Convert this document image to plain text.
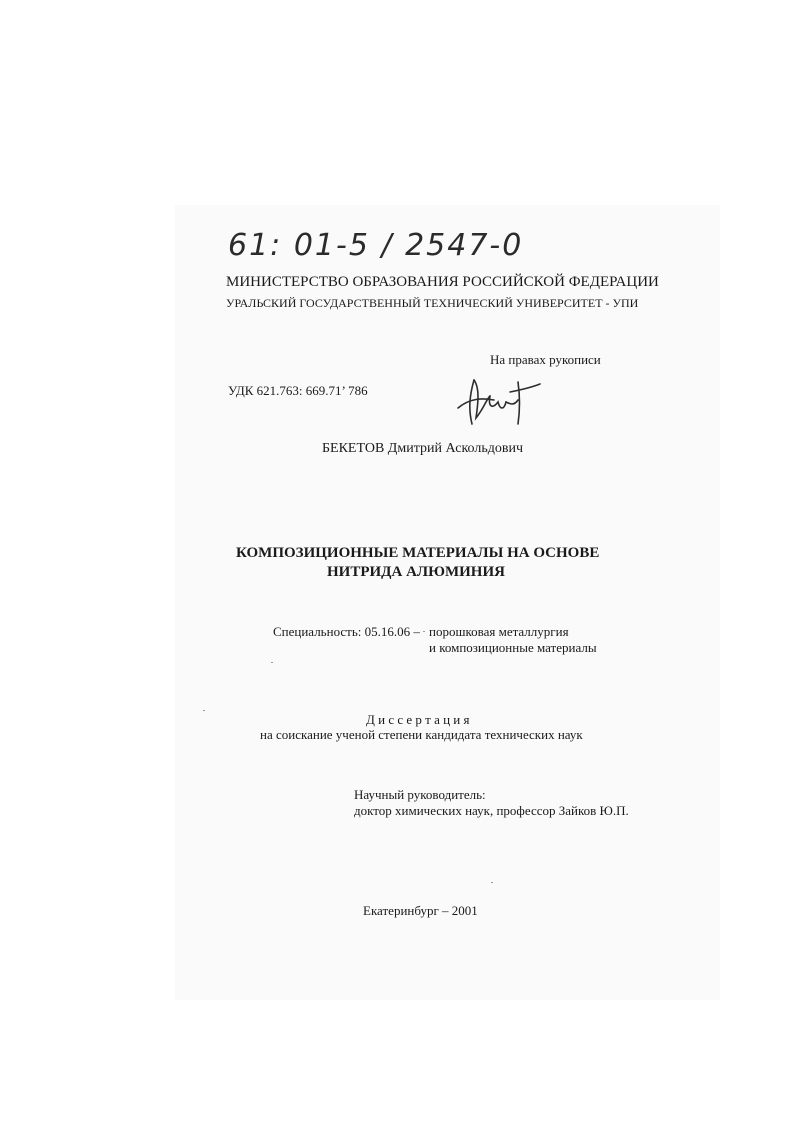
61: 01-5 / 2547-0
МИНИСТЕРСТВО ОБРАЗОВАНИЯ РОССИЙСКОЙ ФЕДЕРАЦИИ
УРАЛЬСКИЙ ГОСУДАРСТВЕННЫЙ ТЕХНИЧЕСКИЙ УНИВЕРСИТЕТ - УПИ
На правах рукописи
УДК 621.763: 669.71’ 786
БЕКЕТОВ Дмитрий Аскольдович
КОМПОЗИЦИОННЫЕ МАТЕРИАЛЫ НА ОСНОВЕ
НИТРИДА АЛЮМИНИЯ
Специальность: 05.16.06 – порошковая металлургия
и композиционные материалы
Д и с с е р т а ц и я
на соискание ученой степени кандидата технических наук
Научный руководитель:
доктор химических наук, профессор Зайков Ю.П.
Екатеринбург – 2001
